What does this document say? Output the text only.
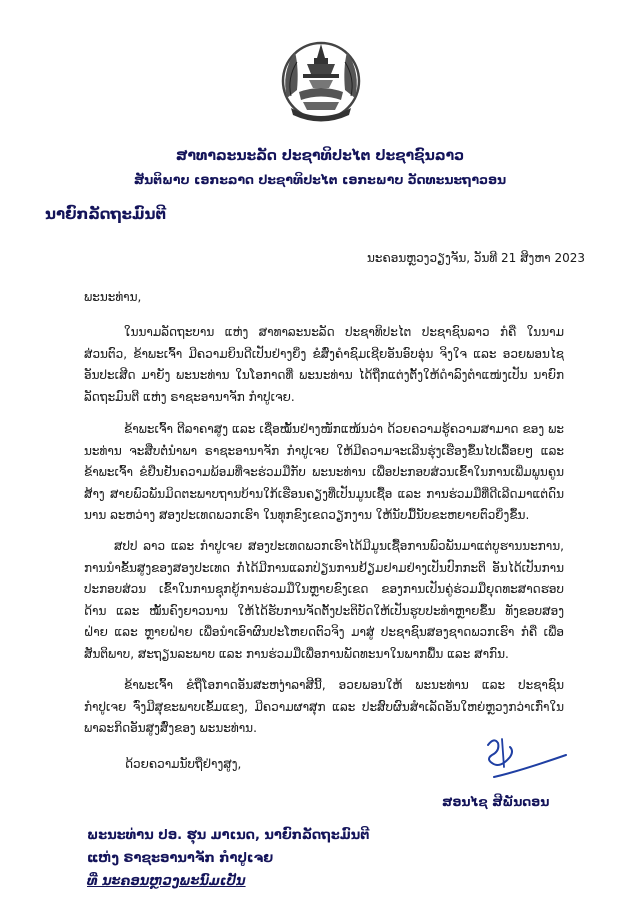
ສາທາລະນະລັດ ປະຊາທິປະໄຕ ປະຊາຊົນລາວ
ສັນຕິພາບ ເອກະລາດ ປະຊາທິປະໄຕ ເອກະພາບ ວັດທະນະຖາວອນ
ນາຍົກລັດຖະມົນຕີ
ນະຄອນຫຼວງວຽງຈັນ, ວັນທີ 21 ສິງຫາ 2023
ພະນະທ່ານ,

ໃນນາມລັດຖະບານ ແຫ່ງ ສາທາລະນະລັດ ປະຊາທິປະໄຕ ປະຊາຊົນລາວ ກໍຄື ໃນນາມສ່ວນຕົວ, ຂ້າພະເຈົ້າ ມີຄວາມຍິນດີເປັນຢ່າງຍິ່ງ ຂໍສົ່ງຄຳຊົມເຊີຍອັນອົບອຸ່ນ ຈິງໃຈ ແລະ ອວຍພອນໄຊອັນປະເສີດ ມາຍັງ ພະນະທ່ານ ໃນໂອກາດທີ່ ພະນະທ່ານ ໄດ້ຖືກແຕ່ງຕັ້ງໃຫ້ດຳລົງຕຳແໜ່ງເປັນ ນາຍົກລັດຖະມົນຕີ ແຫ່ງ ຣາຊະອານາຈັກ ກຳປູເຈຍ.

ຂ້າພະເຈົ້າ ຕີລາຄາສູງ ແລະ ເຊື່ອໝັ້ນຢ່າງໜັກແໜ້ນວ່າ ດ້ວຍຄວາມຮູ້ຄວາມສາມາດ ຂອງ ພະນະທ່ານ ຈະສືບຕໍ່ນຳພາ ຣາຊະອານາຈັກ ກຳປູເຈຍ ໃຫ້ມີຄວາມຈະເລີນຮຸ່ງເຮືອງຂຶ້ນໄປເລື້ອຍໆ ແລະ ຂ້າພະເຈົ້າ ຂໍຢືນຢັນຄວາມພ້ອມທີ່ຈະຮ່ວມມືກັບ ພະນະທ່ານ ເພື່ອປະກອບສ່ວນເຂົ້າໃນການເພີ່ມພູນຄູນສ້າງ ສາຍພົວພັນມິດຕະພາບຖານບ້ານໃກ້ເຮືອນຄຽງທີ່ເປັນມູນເຊື້ອ ແລະ ການຮ່ວມມືທີ່ດີເລີດມາແຕ່ດົນນານ ລະຫວ່າງ ສອງປະເທດພວກເຮົາ ໃນທຸກຂົງເຂດວຽກງານ ໃຫ້ນັບມື້ນັບຂະຫຍາຍຕົວຍິ່ງຂຶ້ນ.

ສປປ ລາວ ແລະ ກຳປູເຈຍ ສອງປະເທດພວກເຮົາໄດ້ມີມູນເຊື້ອການພົວພັນມາແຕ່ບູຮານນະການ, ການນຳຂັ້ນສູງຂອງສອງປະເທດ ກໍ່ໄດ້ມີການແລກປ່ຽນການຢ້ຽມຢາມຢ່າງເປັນປົກກະຕິ ອັນໄດ້ເປັນການປະກອບສ່ວນ ເຂົ້າໃນການຊຸກຍູ້ການຮ່ວມມືໃນຫຼາຍຂົງເຂດ ຂອງການເປັນຄູ່ຮ່ວມມືຍຸດທະສາດຮອບດ້ານ ແລະ ໝັ້ນຄົງຍາວນານ ໃຫ້ໄດ້ຮັບການຈັດຕັ້ງປະຕິບັດໃຫ້ເປັນຮູບປະທຳຫຼາຍຂຶ້ນ ທັງຂອບສອງຝ່າຍ ແລະ ຫຼາຍຝ່າຍ ເພື່ອນຳເອົາຜົນປະໂຫຍດຕົວຈິງ ມາສູ່ ປະຊາຊົນສອງຊາດພວກເຮົາ ກໍຄື ເພື່ອສັນຕິພາບ, ສະຖຽນລະພາບ ແລະ ການຮ່ວມມືເພື່ອການພັດທະນາໃນພາກພື້ນ ແລະ ສາກົນ.

ຂ້າພະເຈົ້າ ຂໍຖືໂອກາດອັນສະຫງ່າລາສີນີ້, ອວຍພອນໃຫ້ ພະນະທ່ານ ແລະ ປະຊາຊົນ ກຳປູເຈຍ ຈົ່ງມີສຸຂະພາບເຂັ້ມແຂງ, ມີຄວາມຜາສຸກ ແລະ ປະສົບຜົນສຳເລັດອັນໃຫຍ່ຫຼວງກວ່າເກົ່າໃນພາລະກິດອັນສູງສົ່ງຂອງ ພະນະທ່ານ.

ດ້ວຍຄວາມນັບຖືຢ່າງສູງ,
ສອນໄຊ ສີພັນດອນ
ພະນະທ່ານ ປອ. ຮຸນ ມາເນດ, ນາຍົກລັດຖະມົນຕີ
ແຫ່ງ ຣາຊະອານາຈັກ ກຳປູເຈຍ
ທີ່ ນະຄອນຫຼວງພະນົມເປັນ
